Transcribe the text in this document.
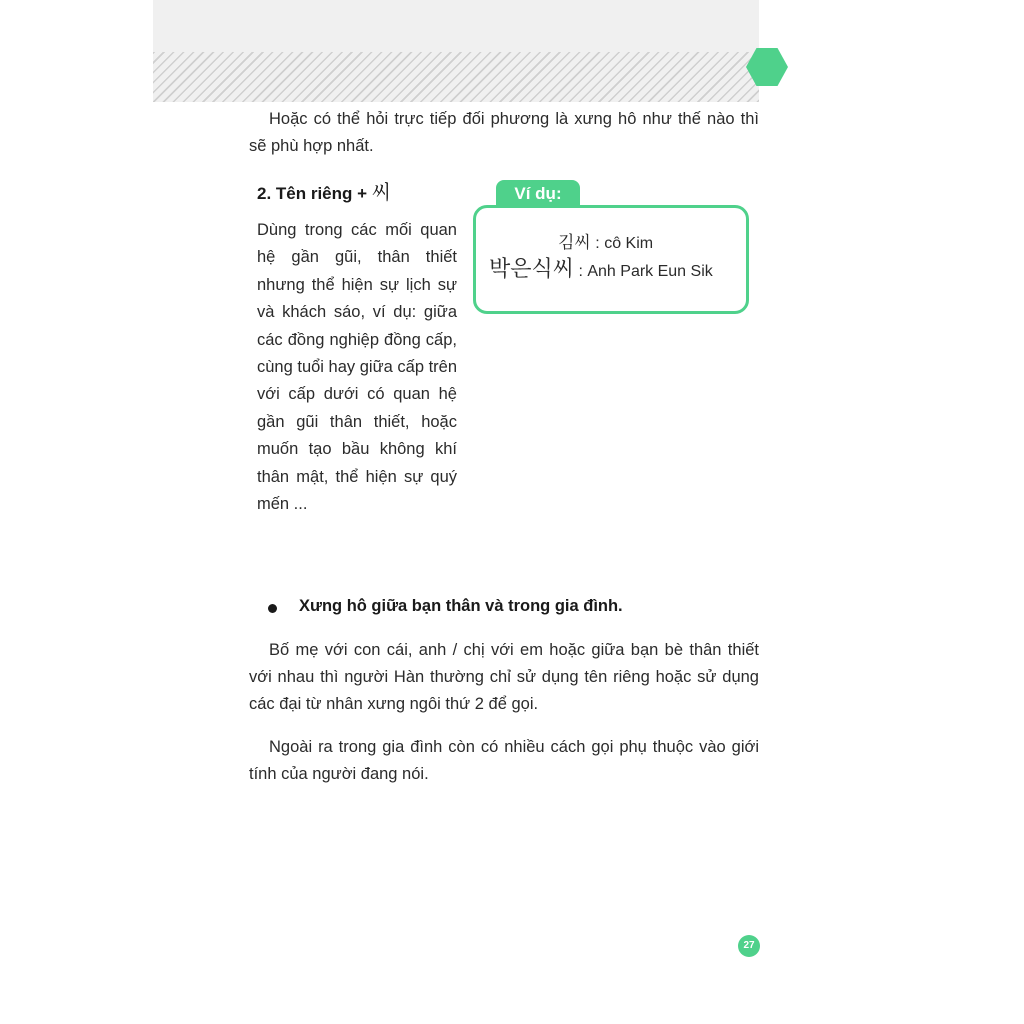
Hoặc có thể hỏi trực tiếp đối phương là xưng hô như thế nào thì sẽ phù hợp nhất.

2. Tên riêng + 씨

Dùng trong các mối quan hệ gần gũi, thân thiết nhưng thể hiện sự lịch sự và khách sáo, ví dụ: giữa các đồng nghiệp đồng cấp, cùng tuổi hay giữa cấp trên với cấp dưới có quan hệ gần gũi thân thiết, hoặc muốn tạo bầu không khí thân mật, thể hiện sự quý mến ...

Ví dụ:
김씨 : cô Kim
박은식씨 : Anh Park Eun Sik
Xưng hô giữa bạn thân và trong gia đình.

Bố mẹ với con cái, anh / chị với em hoặc giữa bạn bè thân thiết với nhau thì người Hàn thường chỉ sử dụng tên riêng hoặc sử dụng các đại từ nhân xưng ngôi thứ 2 để gọi.

Ngoài ra trong gia đình còn có nhiều cách gọi phụ thuộc vào giới tính của người đang nói.

27
